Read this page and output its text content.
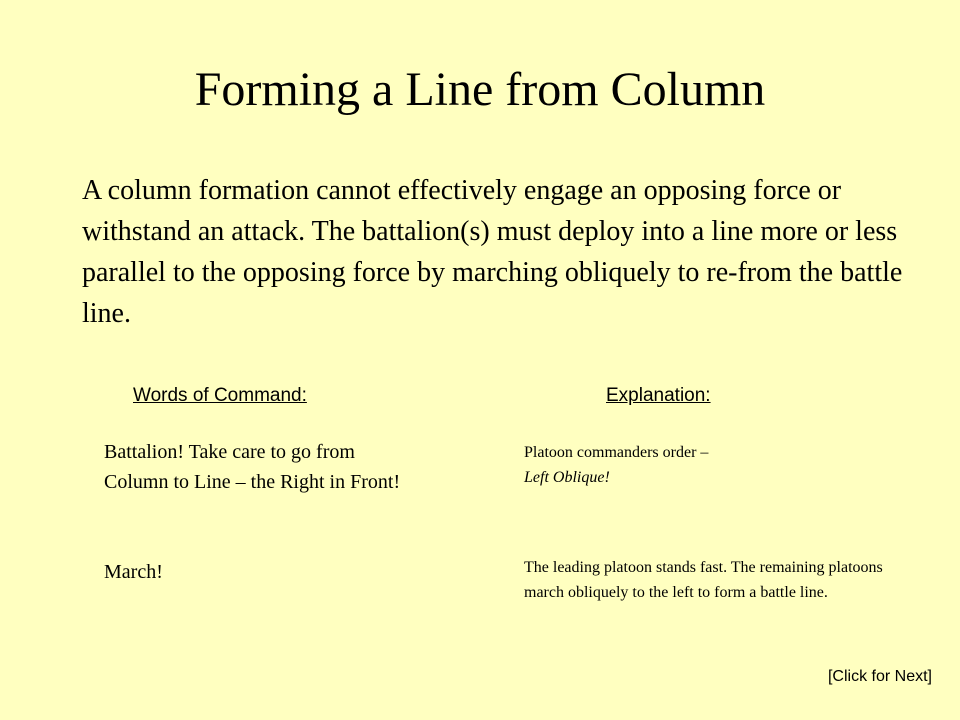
Forming a Line from Column
A column formation cannot effectively engage an opposing force or withstand an attack. The battalion(s) must deploy into a line more or less parallel to the opposing force by marching obliquely to re-from the battle line.
Words of Command:	Explanation:
Battalion! Take care to go from Column to Line – the Right in Front!
March!
Platoon commanders order –
Left Oblique!
The leading platoon stands fast. The remaining platoons march obliquely to the left to form a battle line.
[Click for Next]
